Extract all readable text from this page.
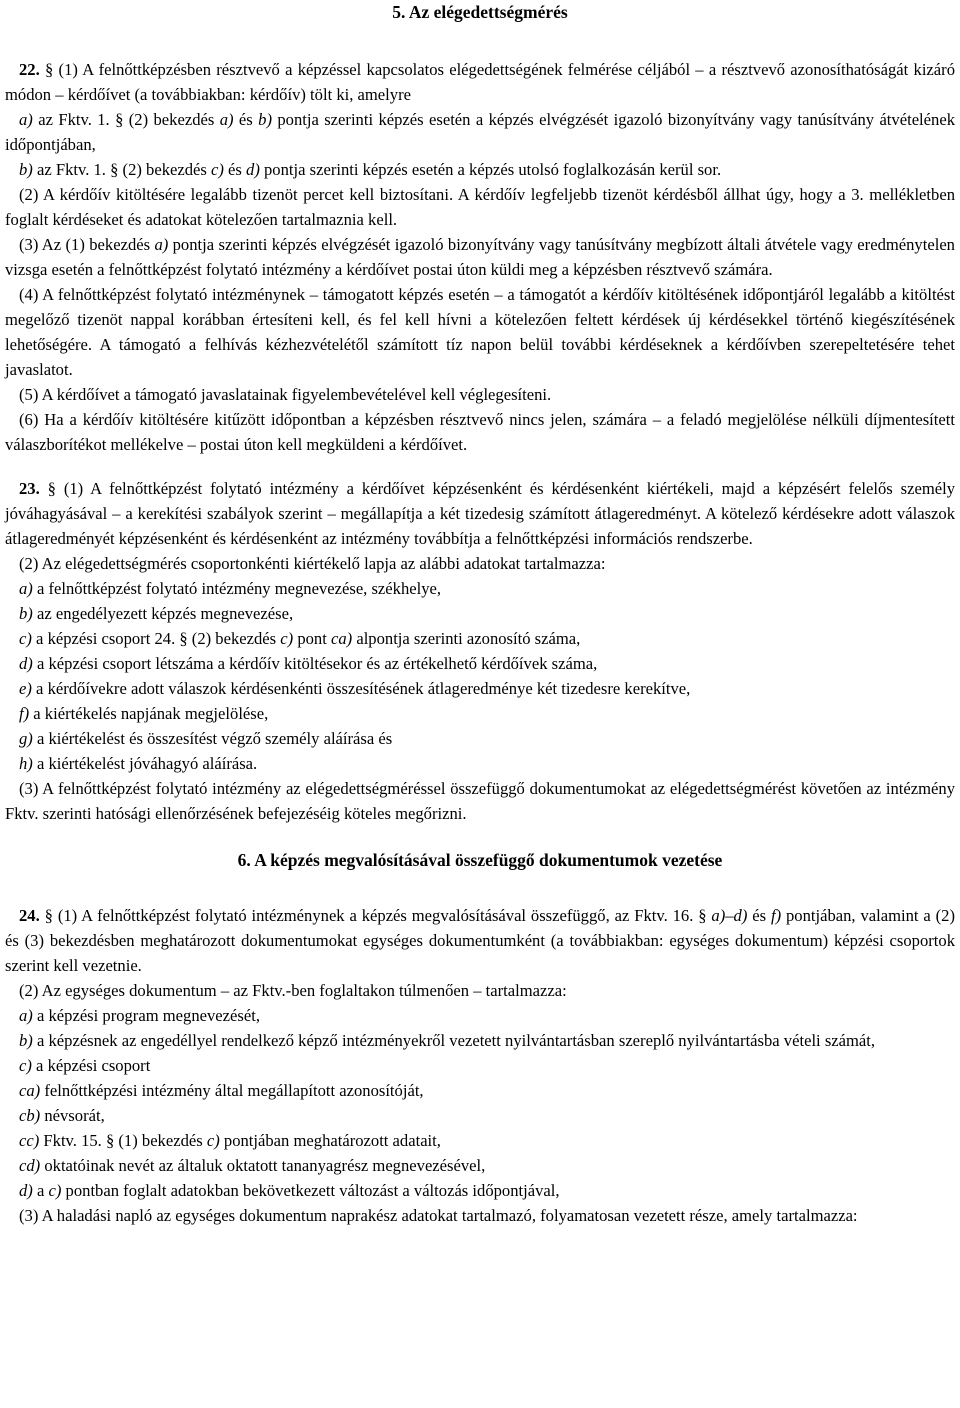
5. Az elégedettségmérés

22. § (1) A felnőttképzésben résztvevő a képzéssel kapcsolatos elégedettségének felmérése céljából – a résztvevő azonosíthatóságát kizáró módon – kérdőívet (a továbbiakban: kérdőív) tölt ki, amelyre

a) az Fktv. 1. § (2) bekezdés a) és b) pontja szerinti képzés esetén a képzés elvégzését igazoló bizonyítvány vagy tanúsítvány átvételének időpontjában,

b) az Fktv. 1. § (2) bekezdés c) és d) pontja szerinti képzés esetén a képzés utolsó foglalkozásán kerül sor.

(2) A kérdőív kitöltésére legalább tizenöt percet kell biztosítani. A kérdőív legfeljebb tizenöt kérdésből állhat úgy, hogy a 3. mellékletben foglalt kérdéseket és adatokat kötelezően tartalmaznia kell.

(3) Az (1) bekezdés a) pontja szerinti képzés elvégzését igazoló bizonyítvány vagy tanúsítvány megbízott általi átvétele vagy eredménytelen vizsga esetén a felnőttképzést folytató intézmény a kérdőívet postai úton küldi meg a képzésben résztvevő számára.

(4) A felnőttképzést folytató intézménynek – támogatott képzés esetén – a támogatót a kérdőív kitöltésének időpontjáról legalább a kitöltést megelőző tizenöt nappal korábban értesíteni kell, és fel kell hívni a kötelezően feltett kérdések új kérdésekkel történő kiegészítésének lehetőségére. A támogató a felhívás kézhezvételétől számított tíz napon belül további kérdéseknek a kérdőívben szerepeltetésére tehet javaslatot.

(5) A kérdőívet a támogató javaslatainak figyelembevételével kell véglegesíteni.

(6) Ha a kérdőív kitöltésére kitűzött időpontban a képzésben résztvevő nincs jelen, számára – a feladó megjelölése nélküli díjmentesített válaszborítékot mellékelve – postai úton kell megküldeni a kérdőívet.

23. § (1) A felnőttképzést folytató intézmény a kérdőívet képzésenként és kérdésenként kiértékeli, majd a képzésért felelős személy jóváhagyásával – a kerekítési szabályok szerint – megállapítja a két tizedesig számított átlageredményt. A kötelező kérdésekre adott válaszok átlageredményét képzésenként és kérdésenként az intézmény továbbítja a felnőttképzési információs rendszerbe.

(2) Az elégedettségmérés csoportonkénti kiértékelő lapja az alábbi adatokat tartalmazza:

a) a felnőttképzést folytató intézmény megnevezése, székhelye,

b) az engedélyezett képzés megnevezése,

c) a képzési csoport 24. § (2) bekezdés c) pont ca) alpontja szerinti azonosító száma,

d) a képzési csoport létszáma a kérdőív kitöltésekor és az értékelhető kérdőívek száma,

e) a kérdőívekre adott válaszok kérdésenkénti összesítésének átlageredménye két tizedesre kerekítve,

f) a kiértékelés napjának megjelölése,

g) a kiértékelést és összesítést végző személy aláírása és

h) a kiértékelést jóváhagyó aláírása.

(3) A felnőttképzést folytató intézmény az elégedettségméréssel összefüggő dokumentumokat az elégedettségmérést követően az intézmény Fktv. szerinti hatósági ellenőrzésének befejezéséig köteles megőrizni.

6. A képzés megvalósításával összefüggő dokumentumok vezetése

24. § (1) A felnőttképzést folytató intézménynek a képzés megvalósításával összefüggő, az Fktv. 16. § a)–d) és f) pontjában, valamint a (2) és (3) bekezdésben meghatározott dokumentumokat egységes dokumentumként (a továbbiakban: egységes dokumentum) képzési csoportok szerint kell vezetnie.

(2) Az egységes dokumentum – az Fktv.-ben foglaltakon túlmenően – tartalmazza:

a) a képzési program megnevezését,

b) a képzésnek az engedéllyel rendelkező képző intézményekről vezetett nyilvántartásban szereplő nyilvántartásba vételi számát,

c) a képzési csoport

ca) felnőttképzési intézmény által megállapított azonosítóját,

cb) névsorát,

cc) Fktv. 15. § (1) bekezdés c) pontjában meghatározott adatait,

cd) oktatóinak nevét az általuk oktatott tananyagrész megnevezésével,

d) a c) pontban foglalt adatokban bekövetkezett változást a változás időpontjával,

(3) A haladási napló az egységes dokumentum naprakész adatokat tartalmazó, folyamatosan vezetett része, amely tartalmazza:
